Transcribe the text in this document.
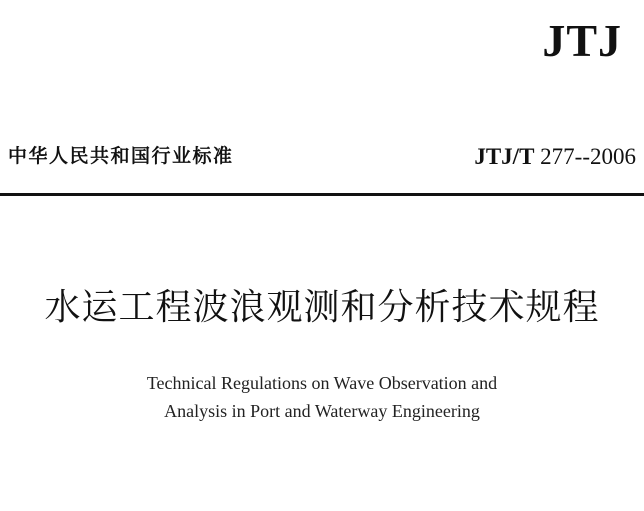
JTJ
中华人民共和国行业标准	JTJ/T 277--2006
水运工程波浪观测和分析技术规程
Technical Regulations on Wave Observation and
Analysis in Port and Waterway Engineering
